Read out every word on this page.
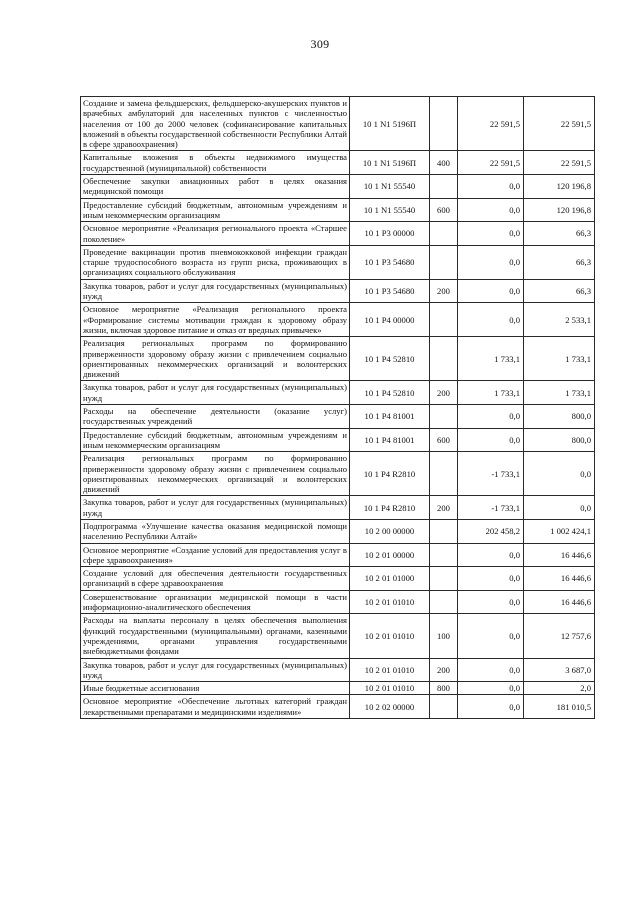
309
Создание и замена фельдшерских, фельдшерско-акушерских пунктов и врачебных амбулаторий для населенных пунктов с численностью населения от 100 до 2000 человек (софинансирование капитальных вложений в объекты государственной собственности Республики Алтай в сфере здравоохранения)	10 1 N1 5196П		22 591,5	22 591,5
Капитальные вложения в объекты недвижимого имущества государственной (муниципальной) собственности	10 1 N1 5196П	400	22 591,5	22 591,5
Обеспечение закупки авиационных работ в целях оказания медицинской помощи	10 1 N1 55540		0,0	120 196,8
Предоставление субсидий бюджетным, автономным учреждениям и иным некоммерческим организациям	10 1 N1 55540	600	0,0	120 196,8
Основное мероприятие «Реализация регионального проекта «Старшее поколение»	10 1 P3 00000		0,0	66,3
Проведение вакцинации против пневмококковой инфекции граждан старше трудоспособного возраста из групп риска, проживающих в организациях социального обслуживания	10 1 P3 54680		0,0	66,3
Закупка товаров, работ и услуг для государственных (муниципальных) нужд	10 1 P3 54680	200	0,0	66,3
Основное мероприятие «Реализация регионального проекта «Формирование системы мотивации граждан к здоровому образу жизни, включая здоровое питание и отказ от вредных привычек»	10 1 P4 00000		0,0	2 533,1
Реализация региональных программ по формированию приверженности здоровому образу жизни с привлечением социально ориентированных некоммерческих организаций и волонтерских движений	10 1 P4 52810		1 733,1	1 733,1
Закупка товаров, работ и услуг для государственных (муниципальных) нужд	10 1 P4 52810	200	1 733,1	1 733,1
Расходы на обеспечение деятельности (оказание услуг) государственных учреждений	10 1 P4 81001		0,0	800,0
Предоставление субсидий бюджетным, автономным учреждениям и иным некоммерческим организациям	10 1 P4 81001	600	0,0	800,0
Реализация региональных программ по формированию приверженности здоровому образу жизни с привлечением социально ориентированных некоммерческих организаций и волонтерских движений	10 1 P4 R2810		-1 733,1	0,0
Закупка товаров, работ и услуг для государственных (муниципальных) нужд	10 1 P4 R2810	200	-1 733,1	0,0
Подпрограмма «Улучшение качества оказания медицинской помощи населению Республики Алтай»	10 2 00 00000		202 458,2	1 002 424,1
Основное мероприятие «Создание условий для предоставления услуг в сфере здравоохранения»	10 2 01 00000		0,0	16 446,6
Создание условий для обеспечения деятельности государственных организаций в сфере здравоохранения	10 2 01 01000		0,0	16 446,6
Совершенствование организации медицинской помощи в части информационно-аналитического обеспечения	10 2 01 01010		0,0	16 446,6
Расходы на выплаты персоналу в целях обеспечения выполнения функций государственными (муниципальными) органами, казенными учреждениями, органами управления государственными внебюджетными фондами	10 2 01 01010	100	0,0	12 757,6
Закупка товаров, работ и услуг для государственных (муниципальных) нужд	10 2 01 01010	200	0,0	3 687,0
Иные бюджетные ассигнования	10 2 01 01010	800	0,0	2,0
Основное мероприятие «Обеспечение льготных категорий граждан лекарственными препаратами и медицинскими изделиями»	10 2 02 00000		0,0	181 010,5
